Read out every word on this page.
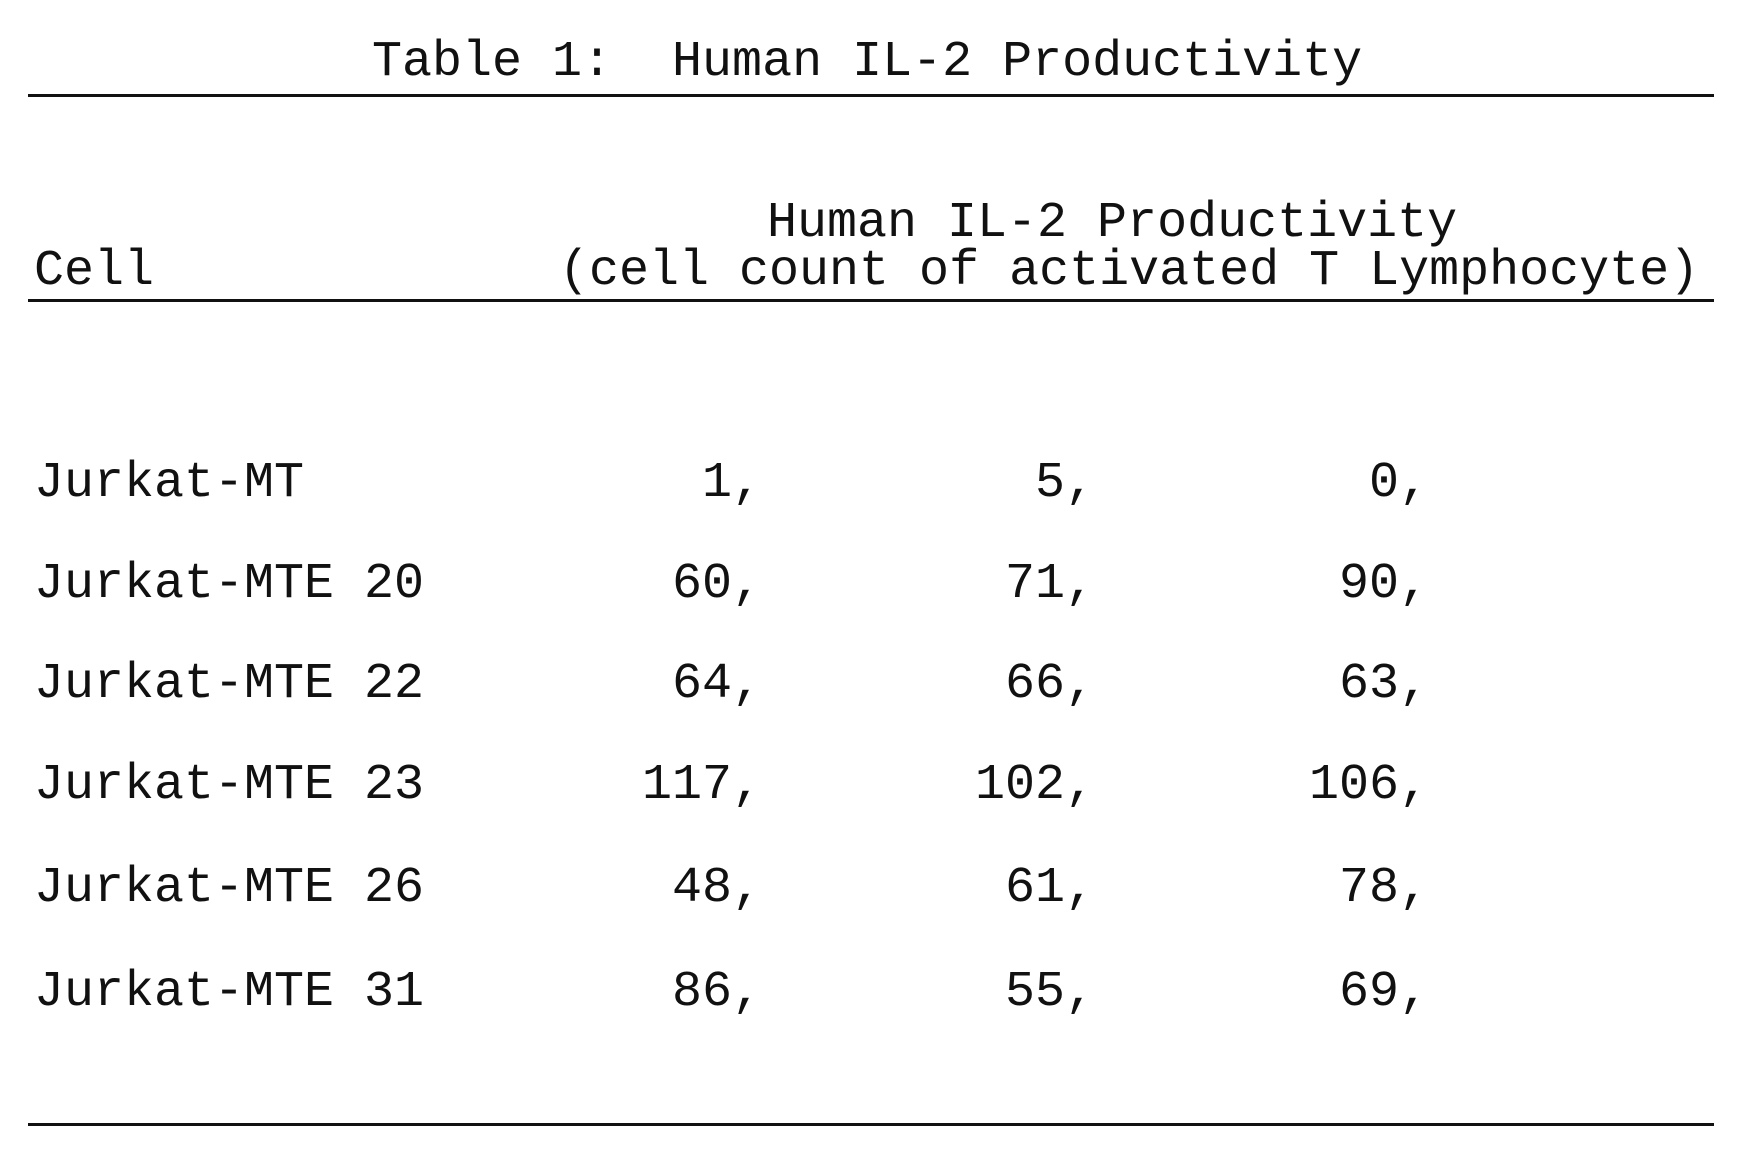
Table 1:  Human IL-2 Productivity
Human IL-2 Productivity
Cell	(cell count of activated T Lymphocyte)
Jurkat-MT	1,	5,	0,
Jurkat-MTE 20	60,	71,	90,
Jurkat-MTE 22	64,	66,	63,
Jurkat-MTE 23	117,	102,	106,
Jurkat-MTE 26	48,	61,	78,
Jurkat-MTE 31	86,	55,	69,
